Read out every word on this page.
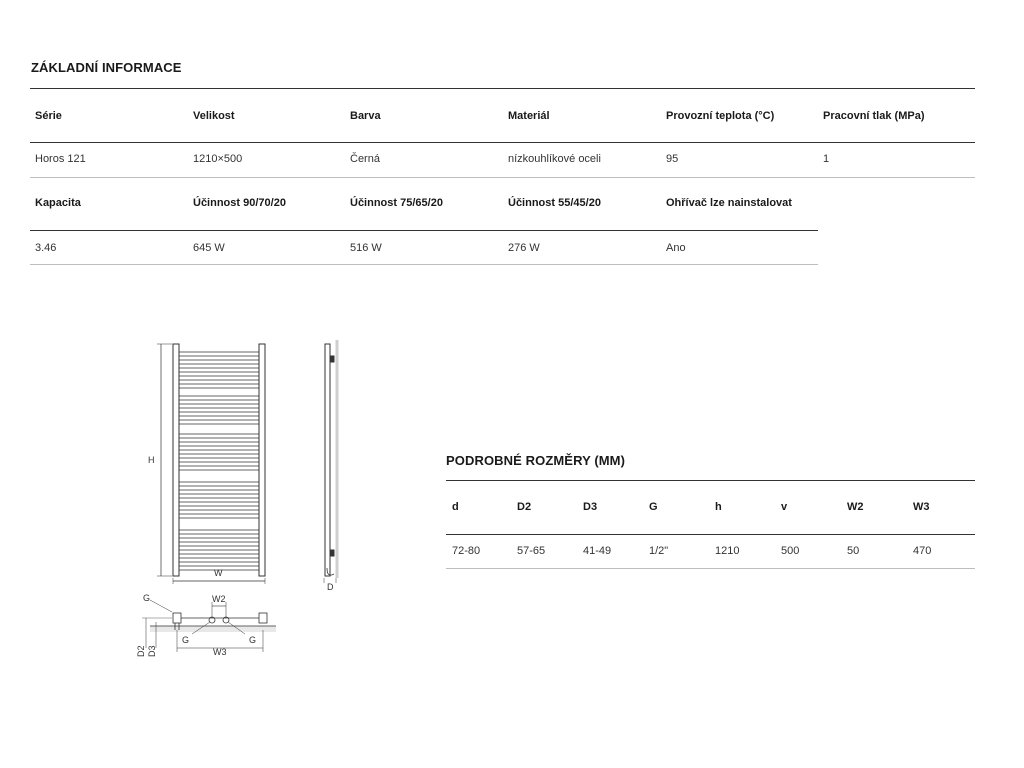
ZÁKLADNÍ INFORMACE
Série	Velikost	Barva	Materiál	Provozní teplota (°C)	Pracovní tlak (MPa)
Horos 121	1210×500	Černá	nízkouhlíkové oceli	95	1
Kapacita	Účinnost 90/70/20	Účinnost 75/65/20	Účinnost 55/45/20	Ohřívač lze nainstalovat
3.46	645 W	516 W	276 W	Ano
H
W
D
G	W2
G	G
D2 D3	W3
PODROBNÉ ROZMĚRY (MM)
d	D2	D3	G	h	v	W2	W3
72-80	57-65	41-49	1/2"	1210	500	50	470
